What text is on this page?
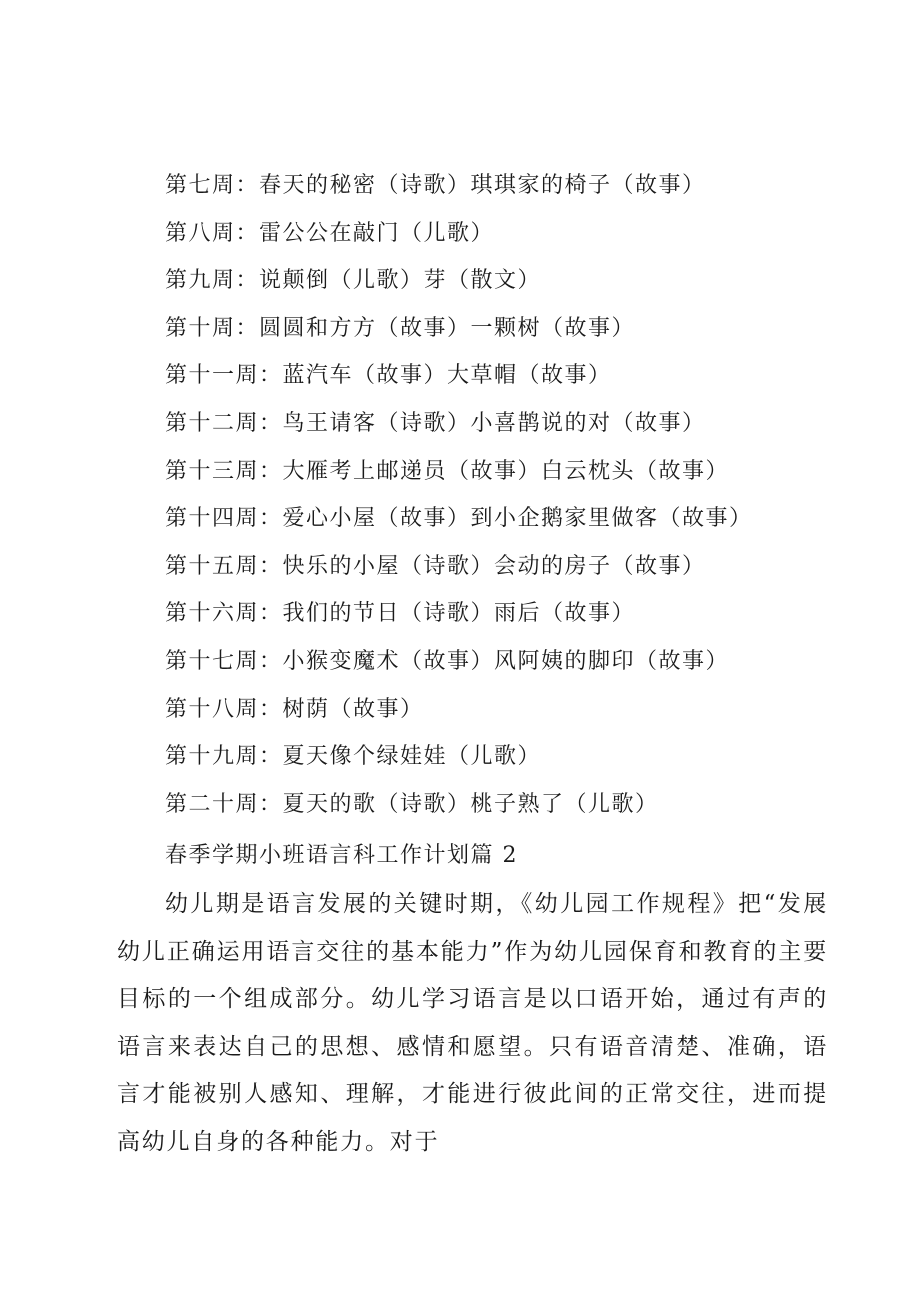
第七周：春天的秘密（诗歌）琪琪家的椅子（故事）
第八周：雷公公在敲门（儿歌）
第九周：说颠倒（儿歌）芽（散文）
第十周：圆圆和方方（故事）一颗树（故事）
第十一周：蓝汽车（故事）大草帽（故事）
第十二周：鸟王请客（诗歌）小喜鹊说的对（故事）
第十三周：大雁考上邮递员（故事）白云枕头（故事）
第十四周：爱心小屋（故事）到小企鹅家里做客（故事）
第十五周：快乐的小屋（诗歌）会动的房子（故事）
第十六周：我们的节日（诗歌）雨后（故事）
第十七周：小猴变魔术（故事）风阿姨的脚印（故事）
第十八周：树荫（故事）
第十九周：夏天像个绿娃娃（儿歌）
第二十周：夏天的歌（诗歌）桃子熟了（儿歌）
春季学期小班语言科工作计划篇 2

幼儿期是语言发展的关键时期，《幼儿园工作规程》把“发展幼儿正确运用语言交往的基本能力”作为幼儿园保育和教育的主要目标的一个组成部分。幼儿学习语言是以口语开始，通过有声的语言来表达自己的思想、感情和愿望。只有语音清楚、准确，语言才能被别人感知、理解，才能进行彼此间的正常交往，进而提高幼儿自身的各种能力。对于
